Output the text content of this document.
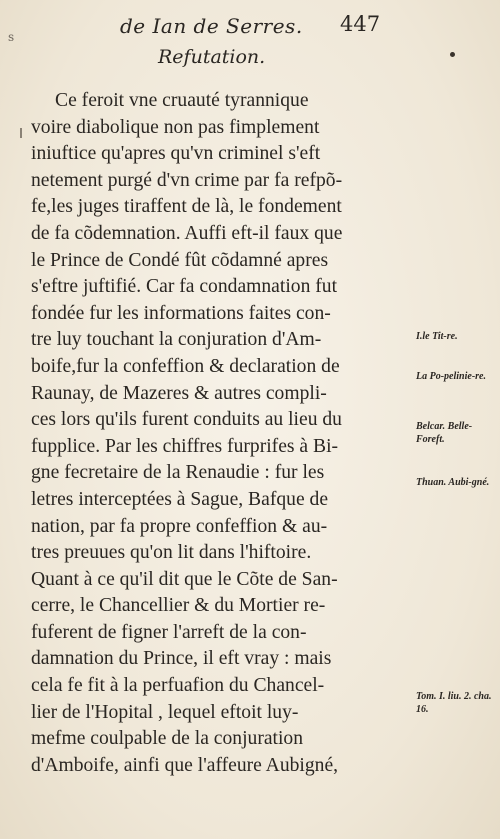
s	de Ian de Serres. 447
Refutation.
Ce feroit vne cruauté tyrannique
voire diabolique non pas fimplement
iniuftice qu'apres qu'vn criminel s'eft
netement purgé d'vn crime par fa refpõ-
fe,les juges tiraffent de là, le fondement
de fa cõdemnation. Auffi eft-il faux que
le Prince de Condé fût cõdamné apres
s'eftre juftifié. Car fa condamnation fut
fondée fur les informations faites con-
tre luy touchant la conjuration d'Am-
boife,fur la confeffion & declaration de
Raunay, de Mazeres & autres compli-
ces lors qu'ils furent conduits au lieu du
fupplice. Par les chiffres furprifes à Bi-
gne fecretaire de la Renaudie : fur les
letres interceptées à Sague, Bafque de
nation, par fa propre confeffion & au-
tres preuues qu'on lit dans l'hiftoire.
Quant à ce qu'il dit que le Cõte de San-
cerre, le Chancellier & du Mortier re-
fuferent de figner l'arreft de la con-
damnation du Prince, il eft vray : mais
cela fe fit à la perfuafion du Chancel-
lier de l'Hopital , lequel eftoit luy-
mefme coulpable de la conjuration
d'Amboife, ainfi que l'affeure Aubigné,
I.le Tit-re.
La Po-pelinie-re.
Belcar. Belle-Foreft.
Thuan. Aubi-gné.
Tom. I. liu. 2. cha. 16.
